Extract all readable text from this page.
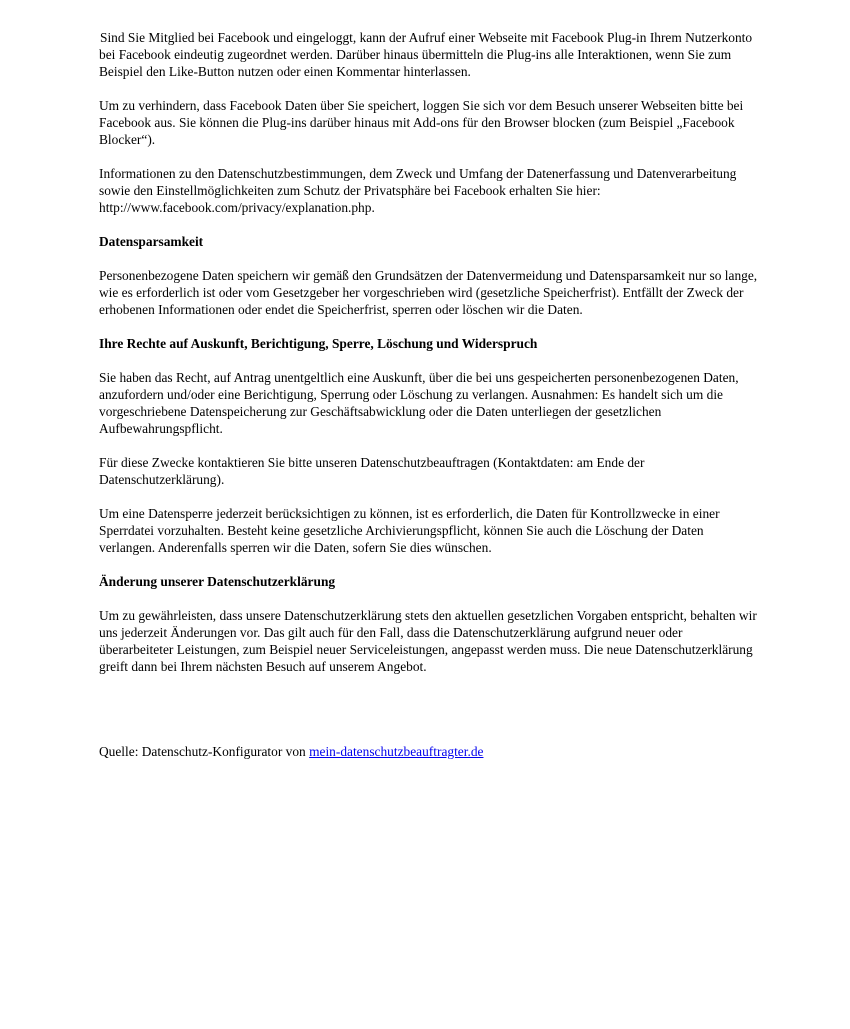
Sind Sie Mitglied bei Facebook und eingeloggt, kann der Aufruf einer Webseite mit Facebook Plug-in Ihrem Nutzerkonto bei Facebook eindeutig zugeordnet werden. Darüber hinaus übermitteln die Plug-ins alle Interaktionen, wenn Sie zum Beispiel den Like-Button nutzen oder einen Kommentar hinterlassen.

Um zu verhindern, dass Facebook Daten über Sie speichert, loggen Sie sich vor dem Besuch unserer Webseiten bitte bei Facebook aus. Sie können die Plug-ins darüber hinaus mit Add-ons für den Browser blocken (zum Beispiel „Facebook Blocker“).

Informationen zu den Datenschutzbestimmungen, dem Zweck und Umfang der Datenerfassung und Datenverarbeitung sowie den Einstellmöglichkeiten zum Schutz der Privatsphäre bei Facebook erhalten Sie hier: http://www.facebook.com/privacy/explanation.php.

Datensparsamkeit

Personenbezogene Daten speichern wir gemäß den Grundsätzen der Datenvermeidung und Datensparsamkeit nur so lange, wie es erforderlich ist oder vom Gesetzgeber her vorgeschrieben wird (gesetzliche Speicherfrist). Entfällt der Zweck der erhobenen Informationen oder endet die Speicherfrist, sperren oder löschen wir die Daten.

Ihre Rechte auf Auskunft, Berichtigung, Sperre, Löschung und Widerspruch

Sie haben das Recht, auf Antrag unentgeltlich eine Auskunft, über die bei uns gespeicherten personenbezogenen Daten, anzufordern und/oder eine Berichtigung, Sperrung oder Löschung zu verlangen. Ausnahmen: Es handelt sich um die vorgeschriebene Datenspeicherung zur Geschäftsabwicklung oder die Daten unterliegen der gesetzlichen Aufbewahrungspflicht.

Für diese Zwecke kontaktieren Sie bitte unseren Datenschutzbeauftragen (Kontaktdaten: am Ende der Datenschutzerklärung).

Um eine Datensperre jederzeit berücksichtigen zu können, ist es erforderlich, die Daten für Kontrollzwecke in einer Sperrdatei vorzuhalten. Besteht keine gesetzliche Archivierungspflicht, können Sie auch die Löschung der Daten verlangen. Anderenfalls sperren wir die Daten, sofern Sie dies wünschen.

Änderung unserer Datenschutzerklärung

Um zu gewährleisten, dass unsere Datenschutzerklärung stets den aktuellen gesetzlichen Vorgaben entspricht, behalten wir uns jederzeit Änderungen vor. Das gilt auch für den Fall, dass die Datenschutzerklärung aufgrund neuer oder überarbeiteter Leistungen, zum Beispiel neuer Serviceleistungen, angepasst werden muss. Die neue Datenschutzerklärung greift dann bei Ihrem nächsten Besuch auf unserem Angebot.

Quelle: Datenschutz-Konfigurator von mein-datenschutzbeauftragter.de
